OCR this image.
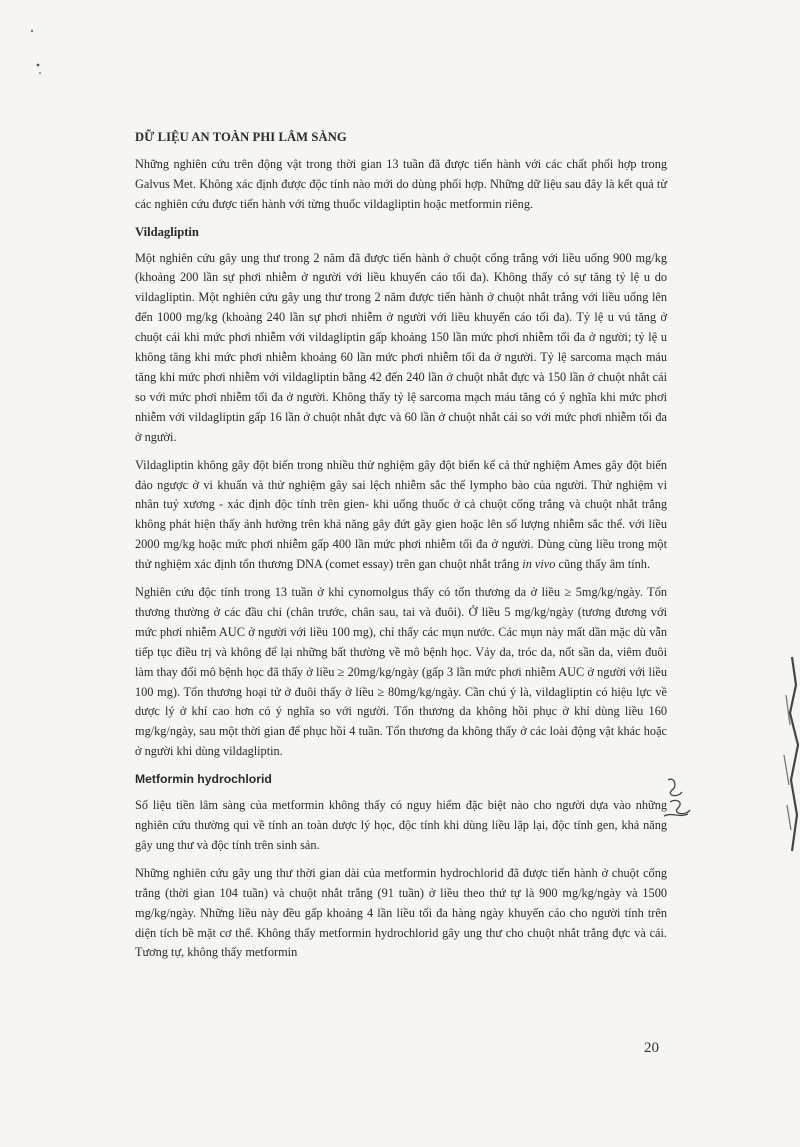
DỮ LIỆU AN TOÀN PHI LÂM SÀNG

Những nghiên cứu trên động vật trong thời gian 13 tuần đã được tiến hành với các chất phối hợp trong Galvus Met. Không xác định được độc tính nào mới do dùng phối hợp. Những dữ liệu sau đây là kết quả từ các nghiên cứu được tiến hành với từng thuốc vildagliptin hoặc metformin riêng.

Vildagliptin

Một nghiên cứu gây ung thư trong 2 năm đã được tiến hành ở chuột cống trắng với liều uống 900 mg/kg (khoảng 200 lần sự phơi nhiễm ở người với liều khuyến cáo tối đa). Không thấy có sự tăng tỷ lệ u do vildagliptin. Một nghiên cứu gây ung thư trong 2 năm được tiến hành ở chuột nhắt trắng với liều uống lên đến 1000 mg/kg (khoảng 240 lần sự phơi nhiễm ở người với liều khuyến cáo tối đa). Tỷ lệ u vú tăng ở chuột cái khi mức phơi nhiễm với vildagliptin gấp khoảng 150 lần mức phơi nhiễm tối đa ở người; tỷ lệ u không tăng khi mức phơi nhiễm khoảng 60 lần mức phơi nhiễm tối đa ở người. Tỷ lệ sarcoma mạch máu tăng khi mức phơi nhiễm với vildagliptin bằng 42 đến 240 lần ở chuột nhắt đực và 150 lần ở chuột nhắt cái so với mức phơi nhiễm tối đa ở người. Không thấy tỷ lệ sarcoma mạch máu tăng có ý nghĩa khi mức phơi nhiễm với vildagliptin gấp 16 lần ở chuột nhắt đực và 60 lần ở chuột nhắt cái so với mức phơi nhiễm tối đa ở người.

Vildagliptin không gây đột biến trong nhiều thử nghiệm gây đột biến kể cả thử nghiệm Ames gây đột biến đảo ngược ở vi khuẩn và thử nghiệm gây sai lệch nhiễm sắc thể lympho bào của người. Thử nghiệm vi nhân tuỷ xương - xác định độc tính trên gien- khi uống thuốc ở cả chuột cống trắng và chuột nhắt trắng không phát hiện thấy ảnh hưởng trên khả năng gây đứt gãy gien hoặc lên số lượng nhiễm sắc thể. với liều 2000 mg/kg hoặc mức phơi nhiễm gấp 400 lần mức phơi nhiễm tối đa ở người. Dùng cùng liều trong một thử nghiệm xác định tổn thương DNA (comet essay) trên gan chuột nhắt trắng in vivo cũng thấy âm tính.

Nghiên cứu độc tính trong 13 tuần ở khỉ cynomolgus thấy có tổn thương da ở liều ≥ 5mg/kg/ngày. Tổn thương thường ở các đầu chi (chân trước, chân sau, tai và đuôi). Ở liều 5 mg/kg/ngày (tương đương với mức phơi nhiễm AUC ở người với liều 100 mg), chỉ thấy các mụn nước. Các mụn này mất dần mặc dù vẫn tiếp tục điều trị và không để lại những bất thường về mô bệnh học. Vảy da, tróc da, nốt sần da, viêm đuôi làm thay đổi mô bệnh học đã thấy ở liều ≥ 20mg/kg/ngày (gấp 3 lần mức phơi nhiễm AUC ở người với liều 100 mg). Tổn thương hoại tử ở đuôi thấy ở liều ≥ 80mg/kg/ngày. Cần chú ý là, vildagliptin có hiệu lực về dược lý ở khỉ cao hơn có ý nghĩa so với người. Tổn thương da không hồi phục ở khỉ dùng liều 160 mg/kg/ngày, sau một thời gian để phục hồi 4 tuần. Tổn thương da không thấy ở các loài động vật khác hoặc ở người khi dùng vildagliptin.

Metformin hydrochlorid

Số liệu tiền lâm sàng của metformin không thấy có nguy hiểm đặc biệt nào cho người dựa vào những nghiên cứu thường qui về tính an toàn dược lý học, độc tính khi dùng liều lặp lại, độc tính gen, khả năng gây ung thư và độc tính trên sinh sản.

Những nghiên cứu gây ung thư thời gian dài của metformin hydrochlorid đã được tiến hành ở chuột cống trắng (thời gian 104 tuần) và chuột nhắt trắng (91 tuần) ở liều theo thứ tự là 900 mg/kg/ngày và 1500 mg/kg/ngày. Những liều này đều gấp khoảng 4 lần liều tối đa hàng ngày khuyến cáo cho người tính trên diện tích bề mặt cơ thể. Không thấy metformin hydrochlorid gây ung thư cho chuột nhắt trắng đực và cái. Tương tự, không thấy metformin

20
